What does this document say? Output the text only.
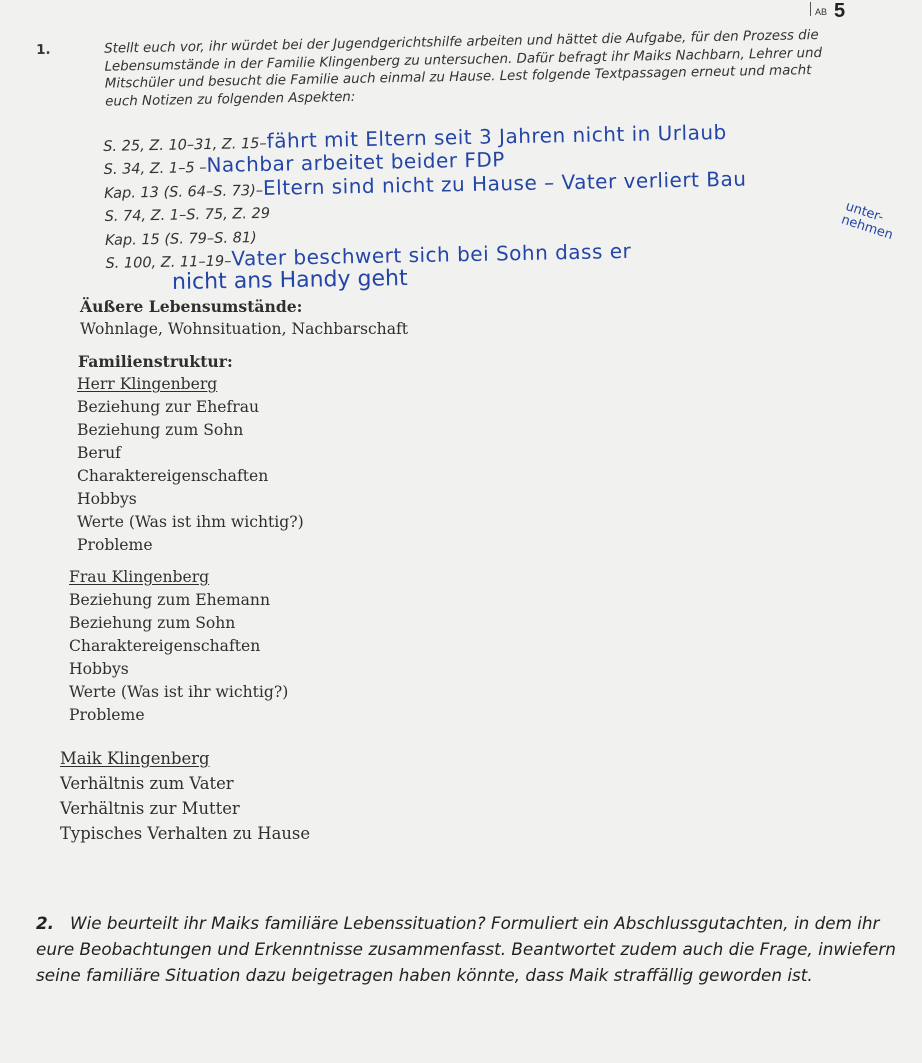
AB 5
1.	Stellt euch vor, ihr würdet bei der Jugendgerichtshilfe arbeiten und hättet die Aufgabe, für den Prozess die Lebensumstände in der Familie Klingenberg zu untersuchen. Dafür befragt ihr Maiks Nachbarn, Lehrer und Mitschüler und besucht die Familie auch einmal zu Hause. Lest folgende Textpassagen erneut und macht euch Notizen zu folgenden Aspekten:
S. 25, Z. 10–31, Z. 15–fährt mit Eltern seit 3 Jahren nicht in Urlaub
S. 34, Z. 1–5 –Nachbar arbeitet beider FDP
Kap. 13 (S. 64–S. 73)–Eltern sind nicht zu Hause – Vater verliert Bau
S. 74, Z. 1–S. 75, Z. 29
Kap. 15 (S. 79–S. 81)
S. 100, Z. 11–19–Vater beschwert sich bei Sohn dass er
unter-nehmen
nicht ans Handy geht
Äußere Lebensumstände:
Wohnlage, Wohnsituation, Nachbarschaft
Familienstruktur:
Herr Klingenberg
Beziehung zur Ehefrau
Beziehung zum Sohn
Beruf
Charaktereigenschaften
Hobbys
Werte (Was ist ihm wichtig?)
Probleme
Frau Klingenberg
Beziehung zum Ehemann
Beziehung zum Sohn
Charaktereigenschaften
Hobbys
Werte (Was ist ihr wichtig?)
Probleme
Maik Klingenberg
Verhältnis zum Vater
Verhältnis zur Mutter
Typisches Verhalten zu Hause
2. Wie beurteilt ihr Maiks familiäre Lebenssituation? Formuliert ein Abschlussgutachten, in dem ihr eure Beobachtungen und Erkenntnisse zusammenfasst. Beantwortet zudem auch die Frage, inwiefern seine familiäre Situation dazu beigetragen haben könnte, dass Maik straffällig geworden ist.
